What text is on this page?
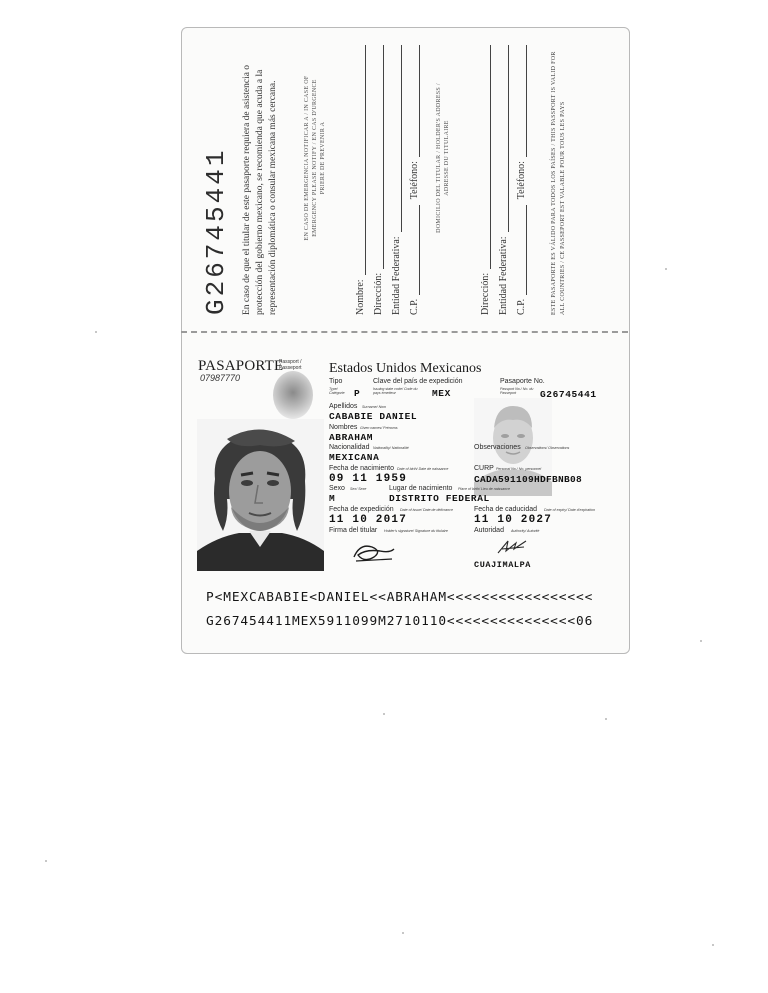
G26745441 En caso de que el titular de este pasaporte requiera de asistencia o protección del gobierno mexicano, se recomienda que acuda a la representación diplomática o consular mexicana más cercana.	EN CASO DE EMERGENCIA NOTIFICAR A / IN CASE OF EMERGENCY PLEASE NOTIFY / EN CAS D'URGENCE PRIERE DE PREVENIR A
Nombre: Dirección: Entidad Federativa: C.P.
Teléfono:	DOMICILIO DEL TITULAR / HOLDER'S ADDRESS / ADRESSE DU TITULAIRE
Dirección: Entidad Federativa: C.P.
Teléfono:	ESTE PASAPORTE ES VÁLIDO PARA TODOS LOS PAÍSES / THIS PASSPORT IS VALID FOR ALL COUNTRIES / CE PASSEPORT EST VALABLE POUR TOUS LES PAYS
PASAPORTE
Passport / Passeport
07987770
Estados Unidos Mexicanos
Tipo
Type/ Catégorie P
Clave del país de expedición
Issuing state code/ Code du pays émetteur	MEX
Pasaporte No.
Passport No./ No. du Passeport	G26745441
Apellidos Surname/ Nom
CABABIE DANIEL
Nombres Given names/ Prénoms
ABRAHAM
Nacionalidad Nationality/ Nationalité
MEXICANA
Observaciones Observations/ Observations
Fecha de nacimiento Date of birth/ Date de naissance
09 11 1959
CURP Personal No./ No. personnel
CADA591109HDFBNB08
Sexo Sex/ Sexe
M
Lugar de nacimiento Place of birth/ Lieu de naissance
DISTRITO FEDERAL
Fecha de expedición Date of issue/ Date de délivrance
11 10 2017
Fecha de caducidad Date of expiry/ Date d'expiration
11 10 2027
Firma del titular Holder's signature/ Signature du titulaire	Autoridad Authority/ Autorité
CUAJIMALPA
P<MEXCABABIE<DANIEL<<ABRAHAM<<<<<<<<<<<<<<<<<
G267454411MEX5911099M2710110<<<<<<<<<<<<<<<06
